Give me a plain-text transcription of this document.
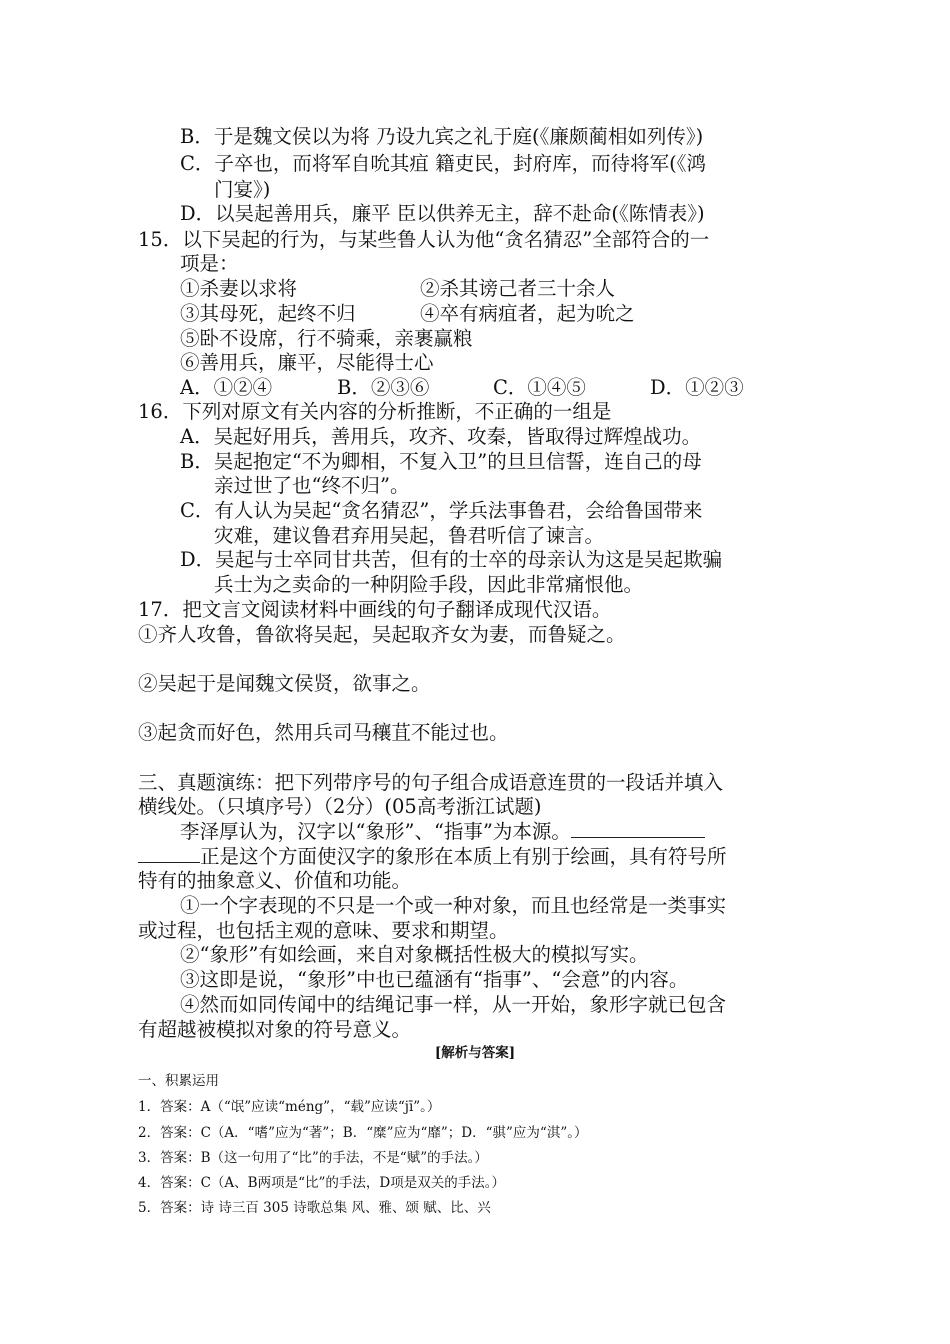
B．于是魏文侯以为将 乃设九宾之礼于庭(《廉颇蔺相如列传》)
C．子卒也，而将军自吮其疽 籍吏民，封府库，而待将军(《鸿
门宴》)
D．以吴起善用兵，廉平 臣以供养无主，辞不赴命(《陈情表》)
15．以下吴起的行为，与某些鲁人认为他“贪名猜忍”全部符合的一
项是：
①杀妻以求将	②杀其谤己者三十余人
③其母死，起终不归	④卒有病疽者，起为吮之
⑤卧不设席，行不骑乘，亲裹赢粮
⑥善用兵，廉平，尽能得士心
A．①②④	B．②③⑥	C．①④⑤	D．①②③
16．下列对原文有关内容的分析推断，不正确的一组是
A．吴起好用兵，善用兵，攻齐、攻秦，皆取得过辉煌战功。
B．吴起抱定“不为卿相，不复入卫”的旦旦信誓，连自己的母
亲过世了也“终不归”。
C．有人认为吴起“贪名猜忍”，学兵法事鲁君，会给鲁国带来
灾难，建议鲁君弃用吴起，鲁君听信了谏言。
D．吴起与士卒同甘共苦，但有的士卒的母亲认为这是吴起欺骗
兵士为之卖命的一种阴险手段，因此非常痛恨他。
17．把文言文阅读材料中画线的句子翻译成现代汉语。
①齐人攻鲁，鲁欲将吴起，吴起取齐女为妻，而鲁疑之。
②吴起于是闻魏文侯贤，欲事之。
③起贪而好色，然用兵司马穰苴不能过也。
三、真题演练：把下列带序号的句子组合成语意连贯的一段话并填入
横线处。（只填序号）（2分）(05高考浙江试题)
李泽厚认为，汉字以“象形”、“指事”为本源。
正是这个方面使汉字的象形在本质上有别于绘画，具有符号所
特有的抽象意义、价值和功能。
①一个字表现的不只是一个或一种对象，而且也经常是一类事实
或过程，也包括主观的意味、要求和期望。
②“象形”有如绘画，来自对象概括性极大的模拟写实。
③这即是说，“象形”中也已蕴涵有“指事”、“会意”的内容。
④然而如同传闻中的结绳记事一样，从一开始，象形字就已包含
有超越被模拟对象的符号意义。
[解析与答案]
一、积累运用
1．答案：A（“氓”应读“méng”，“载”应读“jī”。）
2．答案：C（A．“嗜”应为“著”；B．“糜”应为“靡”；D．“骐”应为“淇”。）
3．答案：B（这一句用了“比”的手法，不是“赋”的手法。）
4．答案：C（A、B两项是“比”的手法，D项是双关的手法。）
5．答案：诗 诗三百 305 诗歌总集 风、雅、颂 赋、比、兴
